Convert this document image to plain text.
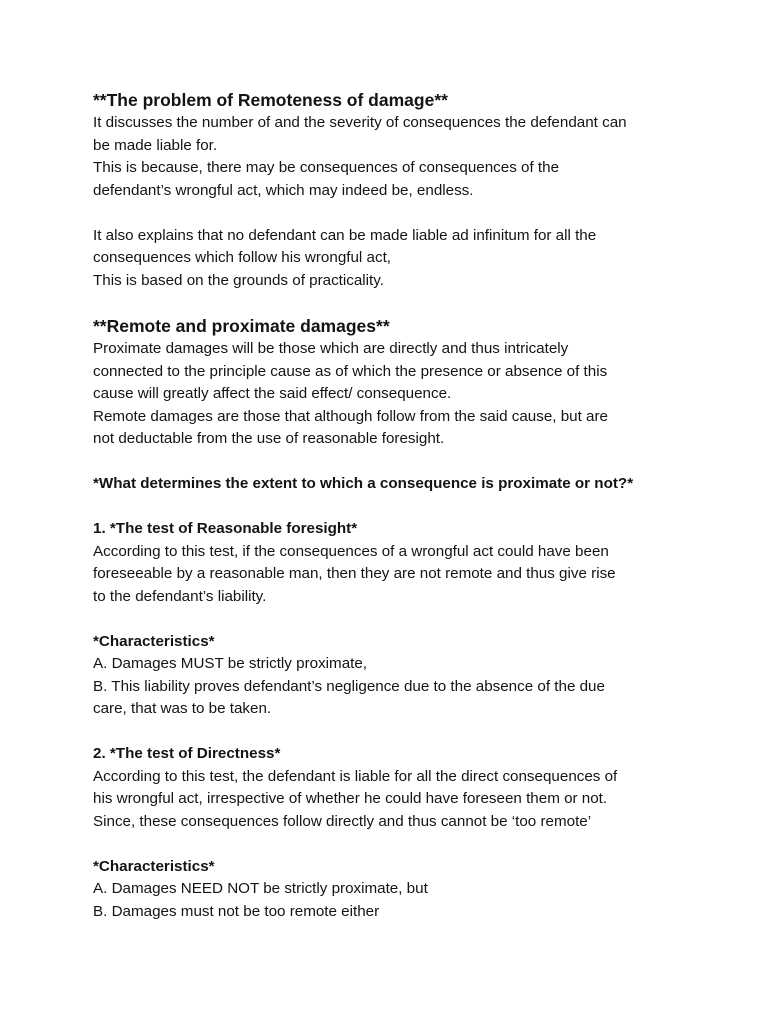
**The problem of Remoteness of damage**
It discusses the number of and the severity of consequences the defendant can
be made liable for.
This is because, there may be consequences of consequences of the
defendant’s wrongful act, which may indeed be, endless.
It also explains that no defendant can be made liable ad infinitum for all the
consequences which follow his wrongful act,
This is based on the grounds of practicality.
**Remote and proximate damages**
Proximate damages will be those which are directly and thus intricately
connected to the principle cause as of which the presence or absence of this
cause will greatly affect the said effect/ consequence.
Remote damages are those that although follow from the said cause, but are
not deductable from the use of reasonable foresight.
*What determines the extent to which a consequence is proximate or not?*
1. *The test of Reasonable foresight*
According to this test, if the consequences of a wrongful act could have been
foreseeable by a reasonable man, then they are not remote and thus give rise
to the defendant’s liability.
*Characteristics*
A. Damages MUST be strictly proximate,
B. This liability proves defendant’s negligence due to the absence of the due
care, that was to be taken.
2. *The test of Directness*
According to this test, the defendant is liable for all the direct consequences of
his wrongful act, irrespective of whether he could have foreseen them or not.
Since, these consequences follow directly and thus cannot be ‘too remote’
*Characteristics*
A. Damages NEED NOT be strictly proximate, but
B. Damages must not be too remote either
